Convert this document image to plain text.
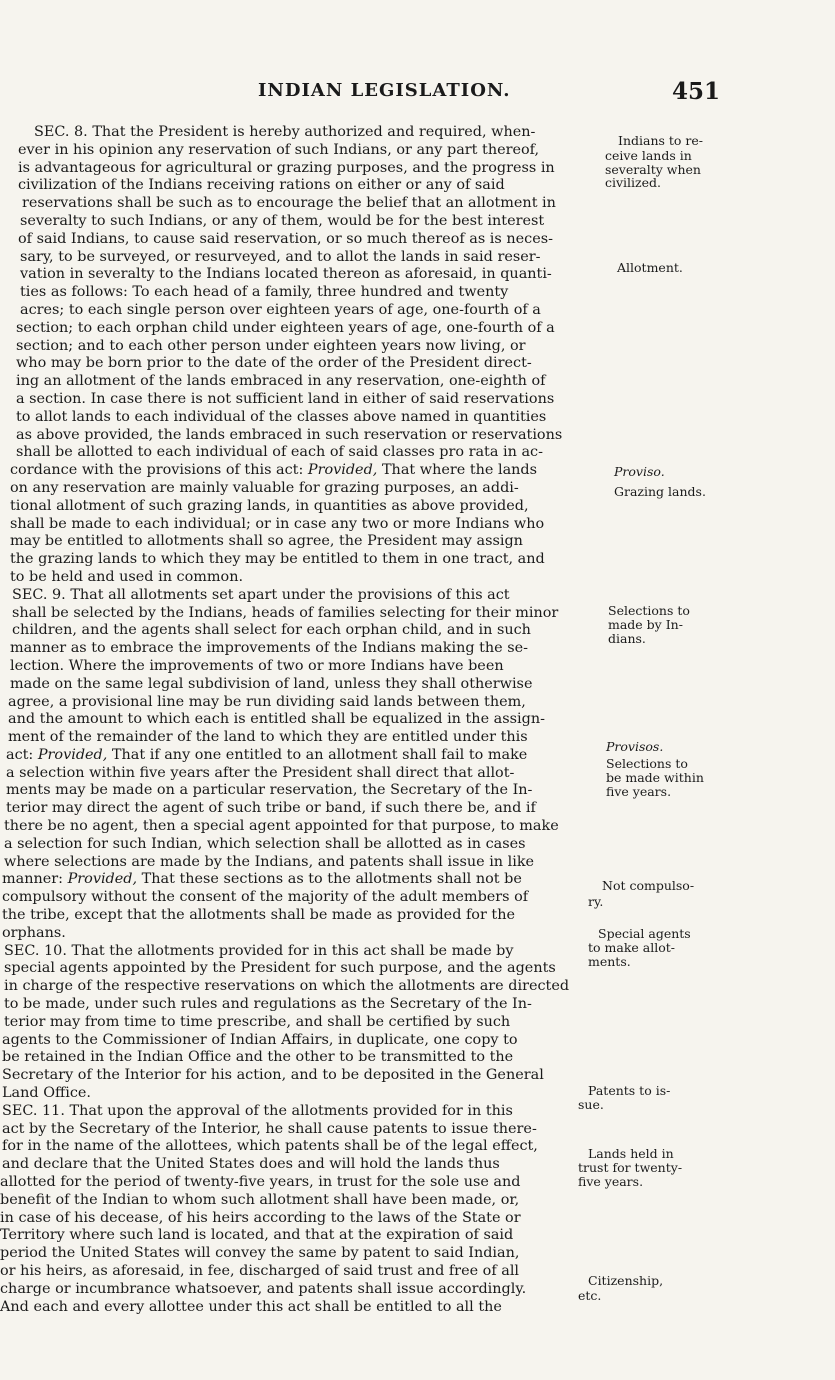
INDIAN LEGISLATION.	451
SEC. 8. That the President is hereby authorized and required, when-
ever in his opinion any reservation of such Indians, or any part thereof,
is advantageous for agricultural or grazing purposes, and the progress in
civilization of the Indians receiving rations on either or any of said
reservations shall be such as to encourage the belief that an allotment in
severalty to such Indians, or any of them, would be for the best interest
of said Indians, to cause said reservation, or so much thereof as is neces-
sary, to be surveyed, or resurveyed, and to allot the lands in said reser-
vation in severalty to the Indians located thereon as aforesaid, in quanti-
ties as follows: To each head of a family, three hundred and twenty
acres; to each single person over eighteen years of age, one-fourth of a
section; to each orphan child under eighteen years of age, one-fourth of a
section; and to each other person under eighteen years now living, or
who may be born prior to the date of the order of the President direct-
ing an allotment of the lands embraced in any reservation, one-eighth of
a section. In case there is not sufficient land in either of said reservations
to allot lands to each individual of the classes above named in quantities
as above provided, the lands embraced in such reservation or reservations
shall be allotted to each individual of each of said classes pro rata in ac-
cordance with the provisions of this act: Provided, That where the lands
on any reservation are mainly valuable for grazing purposes, an addi-
tional allotment of such grazing lands, in quantities as above provided,
shall be made to each individual; or in case any two or more Indians who
may be entitled to allotments shall so agree, the President may assign
the grazing lands to which they may be entitled to them in one tract, and
to be held and used in common.
SEC. 9. That all allotments set apart under the provisions of this act
shall be selected by the Indians, heads of families selecting for their minor
children, and the agents shall select for each orphan child, and in such
manner as to embrace the improvements of the Indians making the se-
lection. Where the improvements of two or more Indians have been
made on the same legal subdivision of land, unless they shall otherwise
agree, a provisional line may be run dividing said lands between them,
and the amount to which each is entitled shall be equalized in the assign-
ment of the remainder of the land to which they are entitled under this
act: Provided, That if any one entitled to an allotment shall fail to make
a selection within five years after the President shall direct that allot-
ments may be made on a particular reservation, the Secretary of the In-
terior may direct the agent of such tribe or band, if such there be, and if
there be no agent, then a special agent appointed for that purpose, to make
a selection for such Indian, which selection shall be allotted as in cases
where selections are made by the Indians, and patents shall issue in like
manner: Provided, That these sections as to the allotments shall not be
compulsory without the consent of the majority of the adult members of
the tribe, except that the allotments shall be made as provided for the
orphans.
SEC. 10. That the allotments provided for in this act shall be made by
special agents appointed by the President for such purpose, and the agents
in charge of the respective reservations on which the allotments are directed
to be made, under such rules and regulations as the Secretary of the In-
terior may from time to time prescribe, and shall be certified by such
agents to the Commissioner of Indian Affairs, in duplicate, one copy to
be retained in the Indian Office and the other to be transmitted to the
Secretary of the Interior for his action, and to be deposited in the General
Land Office.
SEC. 11. That upon the approval of the allotments provided for in this
act by the Secretary of the Interior, he shall cause patents to issue there-
for in the name of the allottees, which patents shall be of the legal effect,
and declare that the United States does and will hold the lands thus
allotted for the period of twenty-five years, in trust for the sole use and
benefit of the Indian to whom such allotment shall have been made, or,
in case of his decease, of his heirs according to the laws of the State or
Territory where such land is located, and that at the expiration of said
period the United States will convey the same by patent to said Indian,
or his heirs, as aforesaid, in fee, discharged of said trust and free of all
charge or incumbrance whatsoever, and patents shall issue accordingly.
And each and every allottee under this act shall be entitled to all the
Indians to re-
ceive lands in
severalty when
civilized.
Allotment.
Proviso.
Grazing lands.
Selections to
made by In-
dians.
Provisos.
Selections to
be made within
five years.
Not compulso-
ry.
Special agents
to make allot-
ments.
Patents to is-
sue.
Lands held in
trust for twenty-
five years.
Citizenship,
etc.
